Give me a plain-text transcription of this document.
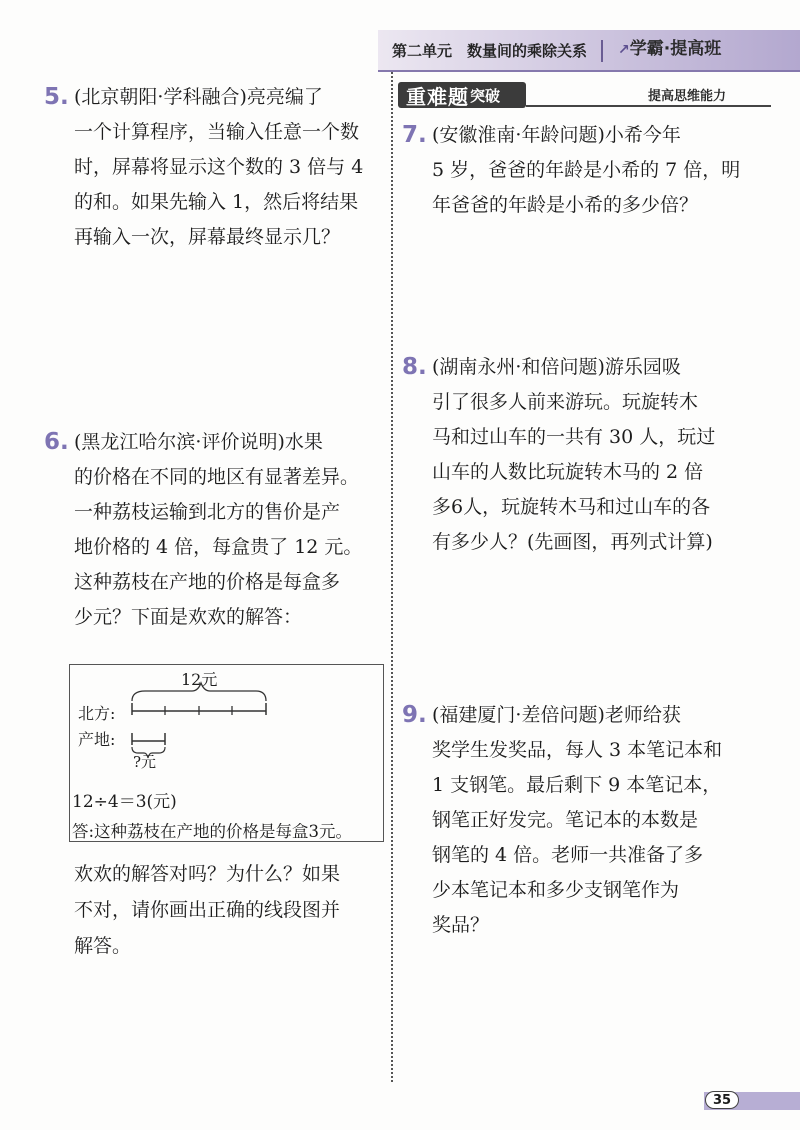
第二单元　数量间的乘除关系 ↗学霸·提高班
重难题 突破	提高思维能力
5. (北京朝阳·学科融合)亮亮编了
一个计算程序，当输入任意一个数
时，屏幕将显示这个数的 3 倍与 4
的和。如果先输入 1，然后将结果
再输入一次，屏幕最终显示几？
6. (黑龙江哈尔滨·评价说明)水果
的价格在不同的地区有显著差异。
一种荔枝运输到北方的售价是产
地价格的 4 倍，每盒贵了 12 元。
这种荔枝在产地的价格是每盒多
少元？下面是欢欢的解答：
12元
北方:
产地:
?元
12÷4＝3(元)
答:这种荔枝在产地的价格是每盒3元。
欢欢的解答对吗？为什么？如果
不对，请你画出正确的线段图并
解答。
7. (安徽淮南·年龄问题)小希今年
5 岁，爸爸的年龄是小希的 7 倍，明
年爸爸的年龄是小希的多少倍？
8. (湖南永州·和倍问题)游乐园吸
引了很多人前来游玩。玩旋转木
马和过山车的一共有 30 人，玩过
山车的人数比玩旋转木马的 2 倍
多6人，玩旋转木马和过山车的各
有多少人？(先画图，再列式计算)
9. (福建厦门·差倍问题)老师给获
奖学生发奖品，每人 3 本笔记本和
1 支钢笔。最后剩下 9 本笔记本，
钢笔正好发完。笔记本的本数是
钢笔的 4 倍。老师一共准备了多
少本笔记本和多少支钢笔作为
奖品？
35
